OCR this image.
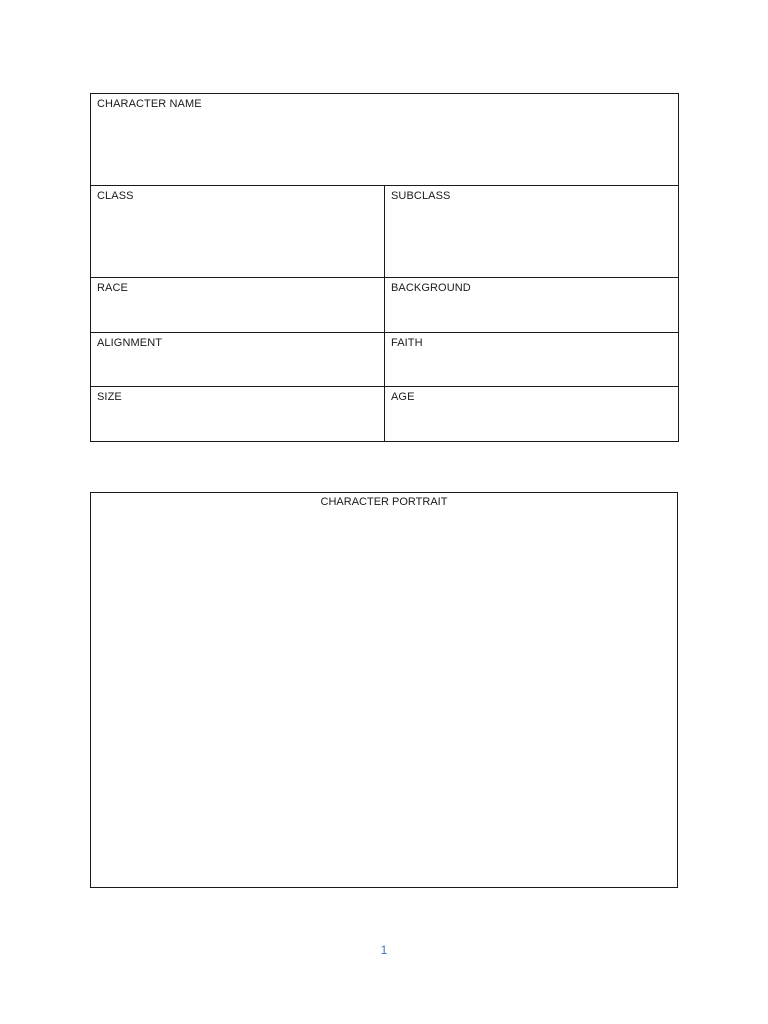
CHARACTER NAME	

CLASS	SUBCLASS

RACE	BACKGROUND

ALIGNMENT	FAITH

SIZE	AGE
CHARACTER PORTRAIT
1
